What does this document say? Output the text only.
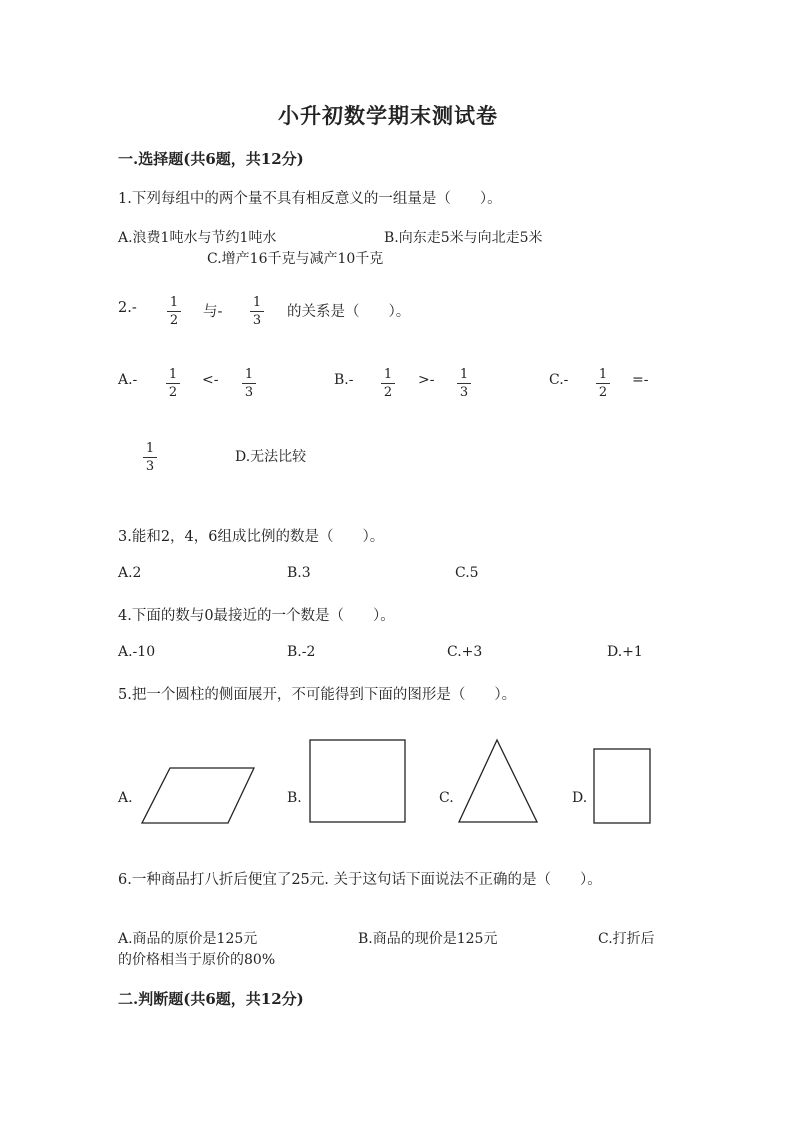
小升初数学期末测试卷
一.选择题(共6题，共12分)
1.下列每组中的两个量不具有相反意义的一组量是（　　）。
A.浪费1吨水与节约1吨水	B.向东走5米与向北走5米
C.增产16千克与减产10千克
2.-	1
2
与-
1
3
的关系是（　　）。
A.- 1
2
<- 1
3
B.- 1
2
>- 1
3
C.- 1
2
=-
1
3
D.无法比较
3.能和2，4，6组成比例的数是（　　）。
A.2	B.3	C.5
4.下面的数与0最接近的一个数是（　　）。
A.-10	B.-2	C.+3	D.+1
5.把一个圆柱的侧面展开，不可能得到下面的图形是（　　）。
A.	B.	C.	D.
6.一种商品打八折后便宜了25元. 关于这句话下面说法不正确的是（　　）。
A.商品的原价是125元	B.商品的现价是125元	C.打折后
的价格相当于原价的80%
二.判断题(共6题，共12分)
